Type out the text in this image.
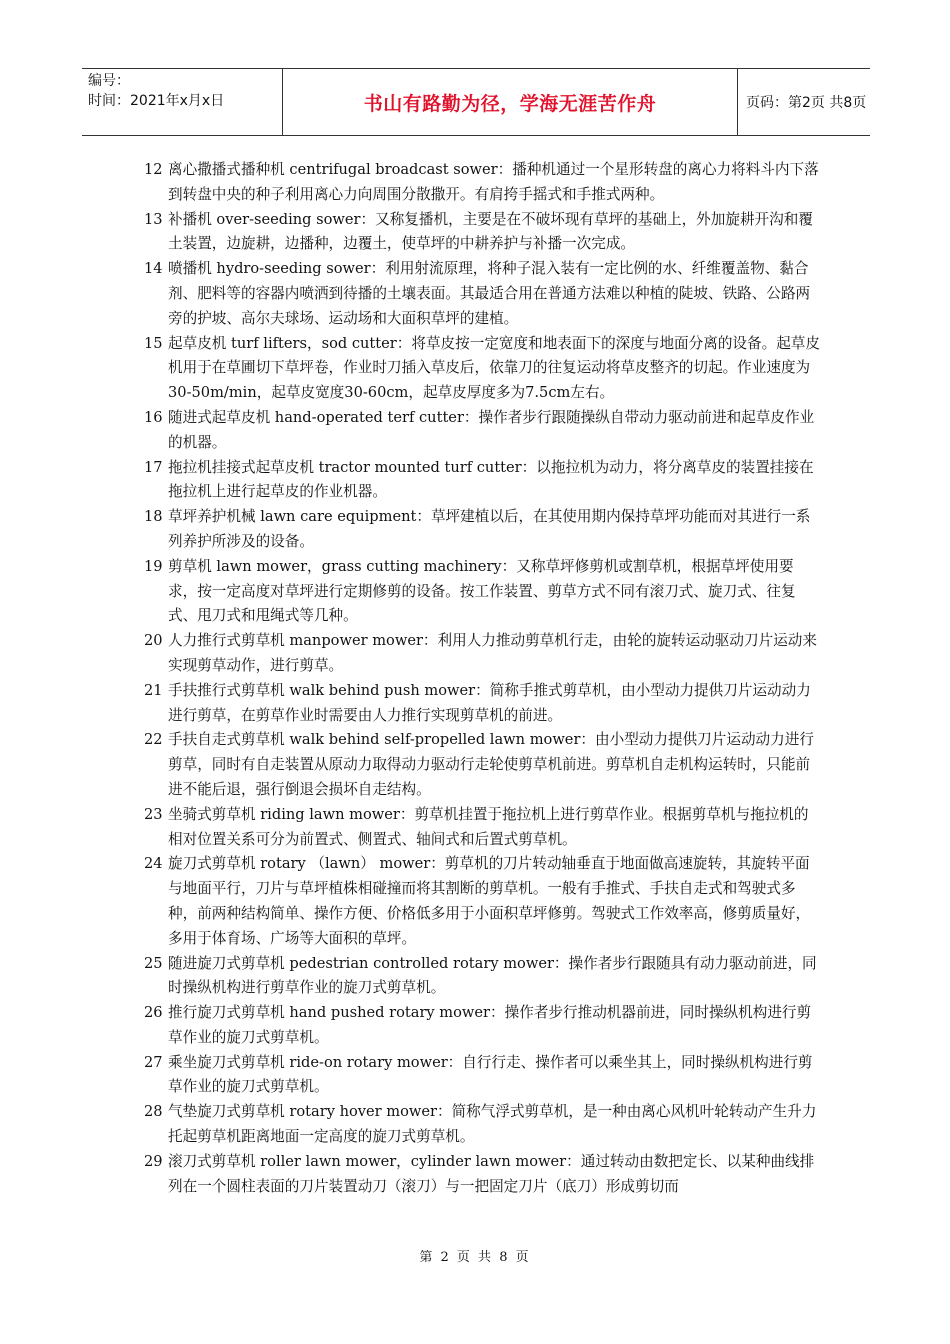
编号：
时间：2021年x月x日	书山有路勤为径，学海无涯苦作舟	页码：第2页 共8页

12 离心撒播式播种机 centrifugal broadcast sower：播种机通过一个星形转盘的离心力将料斗内下落到转盘中央的种子利用离心力向周围分散撒开。有肩挎手摇式和手推式两种。

13 补播机 over-seeding sower：又称复播机，主要是在不破坏现有草坪的基础上，外加旋耕开沟和覆土装置，边旋耕，边播种，边覆土，使草坪的中耕养护与补播一次完成。

14 喷播机 hydro-seeding sower：利用射流原理，将种子混入装有一定比例的水、纤维覆盖物、黏合剂、肥料等的容器内喷洒到待播的土壤表面。其最适合用在普通方法难以种植的陡坡、铁路、公路两旁的护坡、高尔夫球场、运动场和大面积草坪的建植。

15 起草皮机 turf lifters，sod cutter：将草皮按一定宽度和地表面下的深度与地面分离的设备。起草皮机用于在草圃切下草坪卷，作业时刀插入草皮后，依靠刀的往复运动将草皮整齐的切起。作业速度为30-50m/min，起草皮宽度30-60cm，起草皮厚度多为7.5cm左右。

16 随进式起草皮机 hand-operated terf cutter：操作者步行跟随操纵自带动力驱动前进和起草皮作业的机器。

17 拖拉机挂接式起草皮机 tractor mounted turf cutter：以拖拉机为动力，将分离草皮的装置挂接在拖拉机上进行起草皮的作业机器。

18 草坪养护机械 lawn care equipment：草坪建植以后，在其使用期内保持草坪功能而对其进行一系列养护所涉及的设备。

19 剪草机 lawn mower，grass cutting machinery：又称草坪修剪机或割草机，根据草坪使用要求，按一定高度对草坪进行定期修剪的设备。按工作装置、剪草方式不同有滚刀式、旋刀式、往复式、甩刀式和甩绳式等几种。

20 人力推行式剪草机 manpower mower：利用人力推动剪草机行走，由轮的旋转运动驱动刀片运动来实现剪草动作，进行剪草。

21 手扶推行式剪草机 walk behind push mower：简称手推式剪草机，由小型动力提供刀片运动动力进行剪草，在剪草作业时需要由人力推行实现剪草机的前进。

22 手扶自走式剪草机 walk behind self-propelled lawn mower：由小型动力提供刀片运动动力进行剪草，同时有自走装置从原动力取得动力驱动行走轮使剪草机前进。剪草机自走机构运转时，只能前进不能后退，强行倒退会损坏自走结构。

23 坐骑式剪草机 riding lawn mower：剪草机挂置于拖拉机上进行剪草作业。根据剪草机与拖拉机的相对位置关系可分为前置式、侧置式、轴间式和后置式剪草机。

24 旋刀式剪草机 rotary （lawn） mower：剪草机的刀片转动轴垂直于地面做高速旋转，其旋转平面与地面平行，刀片与草坪植株相碰撞而将其割断的剪草机。一般有手推式、手扶自走式和驾驶式多种，前两种结构简单、操作方便、价格低多用于小面积草坪修剪。驾驶式工作效率高，修剪质量好，多用于体育场、广场等大面积的草坪。

25 随进旋刀式剪草机 pedestrian controlled rotary mower：操作者步行跟随具有动力驱动前进，同时操纵机构进行剪草作业的旋刀式剪草机。

26 推行旋刀式剪草机 hand pushed rotary mower：操作者步行推动机器前进，同时操纵机构进行剪草作业的旋刀式剪草机。

27 乘坐旋刀式剪草机 ride-on rotary mower：自行行走、操作者可以乘坐其上，同时操纵机构进行剪草作业的旋刀式剪草机。

28 气垫旋刀式剪草机 rotary hover mower：简称气浮式剪草机，是一种由离心风机叶轮转动产生升力托起剪草机距离地面一定高度的旋刀式剪草机。

29 滚刀式剪草机 roller lawn mower，cylinder lawn mower：通过转动由数把定长、以某种曲线排列在一个圆柱表面的刀片装置动刀（滚刀）与一把固定刀片（底刀）形成剪切而

第 2 页 共 8 页
